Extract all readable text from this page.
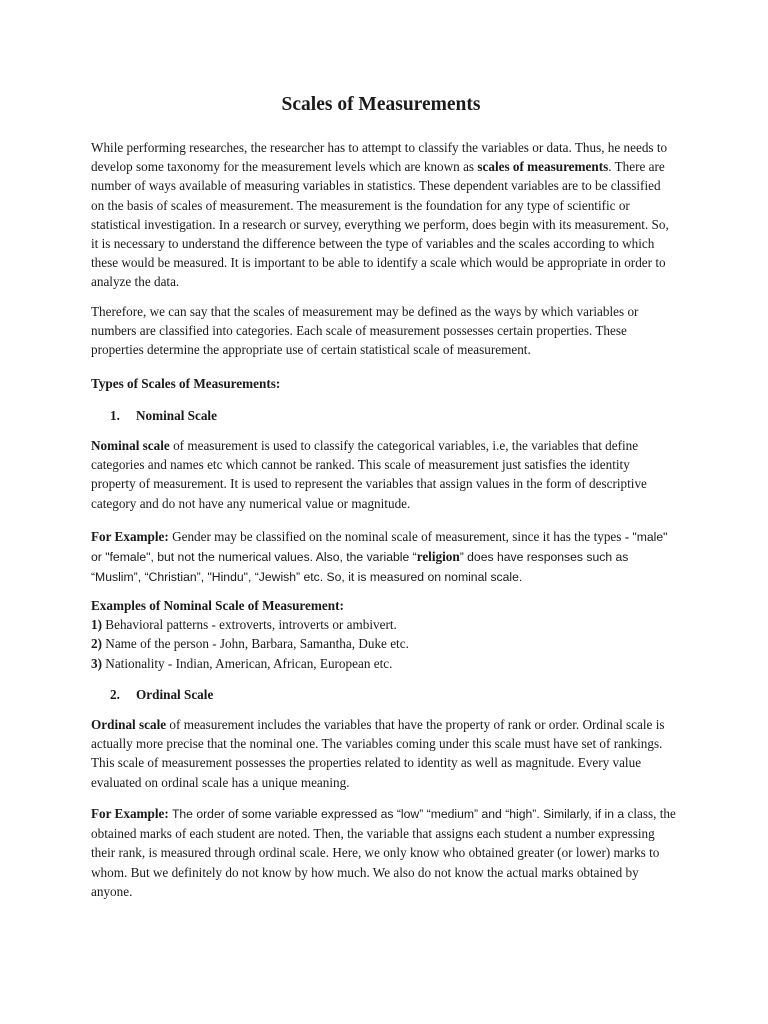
Scales of Measurements

While performing researches, the researcher has to attempt to classify the variables or data. Thus, he needs to develop some taxonomy for the measurement levels which are known as scales of measurements. There are number of ways available of measuring variables in statistics. These dependent variables are to be classified on the basis of scales of measurement. The measurement is the foundation for any type of scientific or statistical investigation. In a research or survey, everything we perform, does begin with its measurement. So, it is necessary to understand the difference between the type of variables and the scales according to which these would be measured. It is important to be able to identify a scale which would be appropriate in order to analyze the data.

Therefore, we can say that the scales of measurement may be defined as the ways by which variables or numbers are classified into categories. Each scale of measurement possesses certain properties. These properties determine the appropriate use of certain statistical scale of measurement.

Types of Scales of Measurements:

1. Nominal Scale

Nominal scale of measurement is used to classify the categorical variables, i.e, the variables that define categories and names etc which cannot be ranked. This scale of measurement just satisfies the identity property of measurement. It is used to represent the variables that assign values in the form of descriptive category and do not have any numerical value or magnitude.

For Example: Gender may be classified on the nominal scale of measurement, since it has the types - "male" or "female", but not the numerical values. Also, the variable “religion” does have responses such as “Muslim”, “Christian”, "Hindu", “Jewish” etc. So, it is measured on nominal scale.

Examples of Nominal Scale of Measurement:
1) Behavioral patterns - extroverts, introverts or ambivert.
2) Name of the person - John, Barbara, Samantha, Duke etc.
3) Nationality - Indian, American, African, European etc.

2. Ordinal Scale

Ordinal scale of measurement includes the variables that have the property of rank or order. Ordinal scale is actually more precise that the nominal one. The variables coming under this scale must have set of rankings. This scale of measurement possesses the properties related to identity as well as magnitude. Every value evaluated on ordinal scale has a unique meaning.

For Example: The order of some variable expressed as “low” “medium” and “high”. Similarly, if in a class, the obtained marks of each student are noted. Then, the variable that assigns each student a number expressing their rank, is measured through ordinal scale. Here, we only know who obtained greater (or lower) marks to whom. But we definitely do not know by how much. We also do not know the actual marks obtained by anyone.
